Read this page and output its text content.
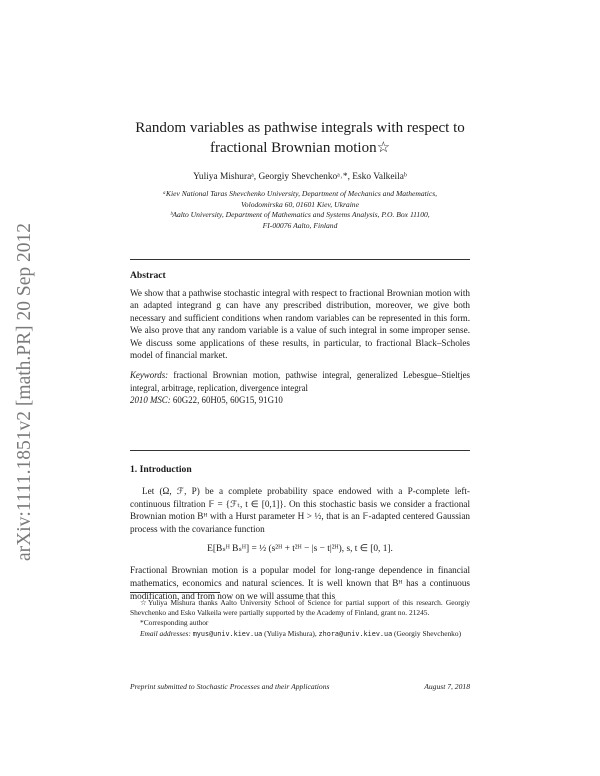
arXiv:1111.1851v2 [math.PR] 20 Sep 2012
Random variables as pathwise integrals with respect to
fractional Brownian motion☆
Yuliya Mishuraᵃ, Georgiy Shevchenkoᵃ˒*, Esko Valkeilaᵇ
ᵃKiev National Taras Shevchenko University, Department of Mechanics and Mathematics,
Volodomirska 60, 01601 Kiev, Ukraine
ᵇAalto University, Department of Mathematics and Systems Analysis, P.O. Box 11100,
FI-00076 Aalto, Finland
Abstract

We show that a pathwise stochastic integral with respect to fractional Brownian motion with an adapted integrand g can have any prescribed distribution, moreover, we give both necessary and sufficient conditions when random variables can be represented in this form. We also prove that any random variable is a value of such integral in some improper sense. We discuss some applications of these results, in particular, to fractional Black–Scholes model of financial market.

Keywords: fractional Brownian motion, pathwise integral, generalized Lebesgue–Stieltjes integral, arbitrage, replication, divergence integral
2010 MSC: 60G22, 60H05, 60G15, 91G10
1. Introduction

Let (Ω, ℱ, P) be a complete probability space endowed with a P-complete left-continuous filtration 𝔽 = {ℱₜ, t ∈ [0,1]}. On this stochastic basis we consider a fractional Brownian motion Bᴴ with a Hurst parameter H > ½, that is an 𝔽-adapted centered Gaussian process with the covariance function

E[Bₛᴴ Bₛᴴ] = ½ (s²ᴴ + t²ᴴ − |s − t|²ᴴ), s, t ∈ [0, 1].

Fractional Brownian motion is a popular model for long-range dependence in financial mathematics, economics and natural sciences. It is well known that Bᴴ has a continuous modification, and from now on we will assume that this

☆Yuliya Mishura thanks Aalto University School of Science for partial support of this research. Georgiy Shevchenko and Esko Valkeila were partially supported by the Academy of Finland, grant no. 21245.

*Corresponding author

Email addresses: myus@univ.kiev.ua (Yuliya Mishura), zhora@univ.kiev.ua (Georgiy Shevchenko)

Preprint submitted to Stochastic Processes and their Applications	August 7, 2018
